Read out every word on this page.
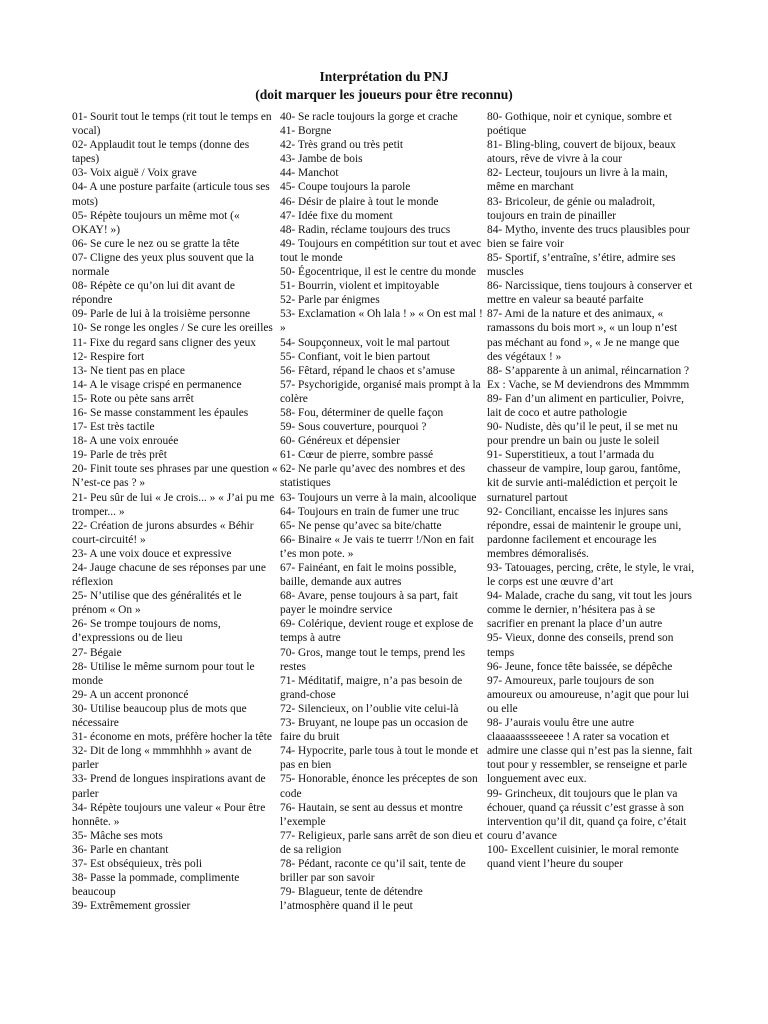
Interprétation du PNJ
(doit marquer les joueurs pour être reconnu)

01- Sourit tout le temps (rit tout le temps en vocal)

02- Applaudit tout le temps (donne des tapes)

03- Voix aiguë / Voix grave

04- A une posture parfaite (articule tous ses mots)

05- Répète toujours un même mot (« OKAY! »)

06- Se cure le nez ou se gratte la tête

07- Cligne des yeux plus souvent que la normale

08- Répète ce qu’on lui dit avant de répondre

09- Parle de lui à la troisième personne

10- Se ronge les ongles / Se cure les oreilles

11- Fixe du regard sans cligner des yeux

12- Respire fort

13- Ne tient pas en place

14- A le visage crispé en permanence

15- Rote ou pète sans arrêt

16- Se masse constamment les épaules

17- Est très tactile

18- A une voix enrouée

19- Parle de très prêt

20- Finit toute ses phrases par une question « N’est-ce pas ? »

21- Peu sûr de lui « Je crois... » « J’ai pu me tromper... »

22- Création de jurons absurdes « Béhir court-circuité! »

23- A une voix douce et expressive

24- Jauge chacune de ses réponses par une réflexion

25- N’utilise que des généralités et le prénom « On »

26- Se trompe toujours de noms, d’expressions ou de lieu

27- Bégaie

28- Utilise le même surnom pour tout le monde

29- A un accent prononcé

30- Utilise beaucoup plus de mots que nécessaire

31- économe en mots, préfère hocher la tête

32- Dit de long « mmmhhhh » avant de parler

33- Prend de longues inspirations avant de parler

34- Répète toujours une valeur « Pour être honnête. »

35- Mâche ses mots

36- Parle en chantant

37- Est obséquieux, très poli

38- Passe la pommade, complimente beaucoup

39- Extrêmement grossier

40- Se racle toujours la gorge et crache

41- Borgne

42- Très grand ou très petit

43- Jambe de bois

44- Manchot

45- Coupe toujours la parole

46- Désir de plaire à tout le monde

47- Idée fixe du moment

48- Radin, réclame toujours des trucs

49- Toujours en compétition sur tout et avec tout le monde

50- Égocentrique, il est le centre du monde

51- Bourrin, violent et impitoyable

52- Parle par énigmes

53- Exclamation « Oh lala ! » « On est mal ! »

54- Soupçonneux, voit le mal partout

55- Confiant, voit le bien partout

56- Fêtard, répand le chaos et s’amuse

57- Psychorigide, organisé mais prompt à la colère

58- Fou, déterminer de quelle façon

59- Sous couverture, pourquoi ?

60- Généreux et dépensier

61- Cœur de pierre, sombre passé

62- Ne parle qu’avec des nombres et des statistiques

63- Toujours un verre à la main, alcoolique

64- Toujours en train de fumer une truc

65- Ne pense qu’avec sa bite/chatte

66- Binaire « Je vais te tuerrr !/Non en fait t’es mon pote. »

67- Fainéant, en fait le moins possible, baille, demande aux autres

68- Avare, pense toujours à sa part, fait payer le moindre service

69- Colérique, devient rouge et explose de temps à autre

70- Gros, mange tout le temps, prend les restes

71- Méditatif, maigre, n’a pas besoin de grand-chose

72- Silencieux, on l’oublie vite celui-là

73- Bruyant, ne loupe pas un occasion de faire du bruit

74- Hypocrite, parle tous à tout le monde et pas en bien

75- Honorable, énonce les préceptes de son code

76- Hautain, se sent au dessus et montre l’exemple

77- Religieux, parle sans arrêt de son dieu et de sa religion

78- Pédant, raconte ce qu’il sait, tente de briller par son savoir

79- Blagueur, tente de détendre l’atmosphère quand il le peut

80- Gothique, noir et cynique, sombre et poétique

81- Bling-bling, couvert de bijoux, beaux atours, rêve de vivre à la cour

82- Lecteur, toujours un livre à la main, même en marchant

83- Bricoleur, de génie ou maladroit, toujours en train de pinailler

84- Mytho, invente des trucs plausibles pour bien se faire voir

85- Sportif, s’entraîne, s’étire, admire ses muscles

86- Narcissique, tiens toujours à conserver et mettre en valeur sa beauté parfaite

87- Ami de la nature et des animaux, « ramassons du bois mort », « un loup n’est pas méchant au fond », « Je ne mange que des végétaux ! »

88- S’apparente à un animal, réincarnation ? Ex : Vache, se M deviendrons des Mmmmm

89- Fan d’un aliment en particulier, Poivre, lait de coco et autre pathologie

90- Nudiste, dès qu’il le peut, il se met nu pour prendre un bain ou juste le soleil

91- Superstitieux, a tout l’armada du chasseur de vampire, loup garou, fantôme, kit de survie anti-malédiction et perçoit le surnaturel partout

92- Conciliant, encaisse les injures sans répondre, essai de maintenir le groupe uni, pardonne facilement et encourage les membres démoralisés.

93- Tatouages, percing, crête, le style, le vrai, le corps est une œuvre d’art

94- Malade, crache du sang, vit tout les jours comme le dernier, n’hésitera pas à se sacrifier en prenant la place d’un autre

95- Vieux, donne des conseils, prend son temps

96- Jeune, fonce tête baissée, se dépêche

97- Amoureux, parle toujours de son amoureux ou amoureuse, n’agit que pour lui ou elle

98- J’aurais voulu être une autre claaaaasssseeeee ! A rater sa vocation et admire une classe qui n’est pas la sienne, fait tout pour y ressembler, se renseigne et parle longuement avec eux.

99- Grincheux, dit toujours que le plan va échouer, quand ça réussit c’est grasse à son intervention qu’il dit, quand ça foire, c’était couru d’avance

100- Excellent cuisinier, le moral remonte quand vient l’heure du souper
